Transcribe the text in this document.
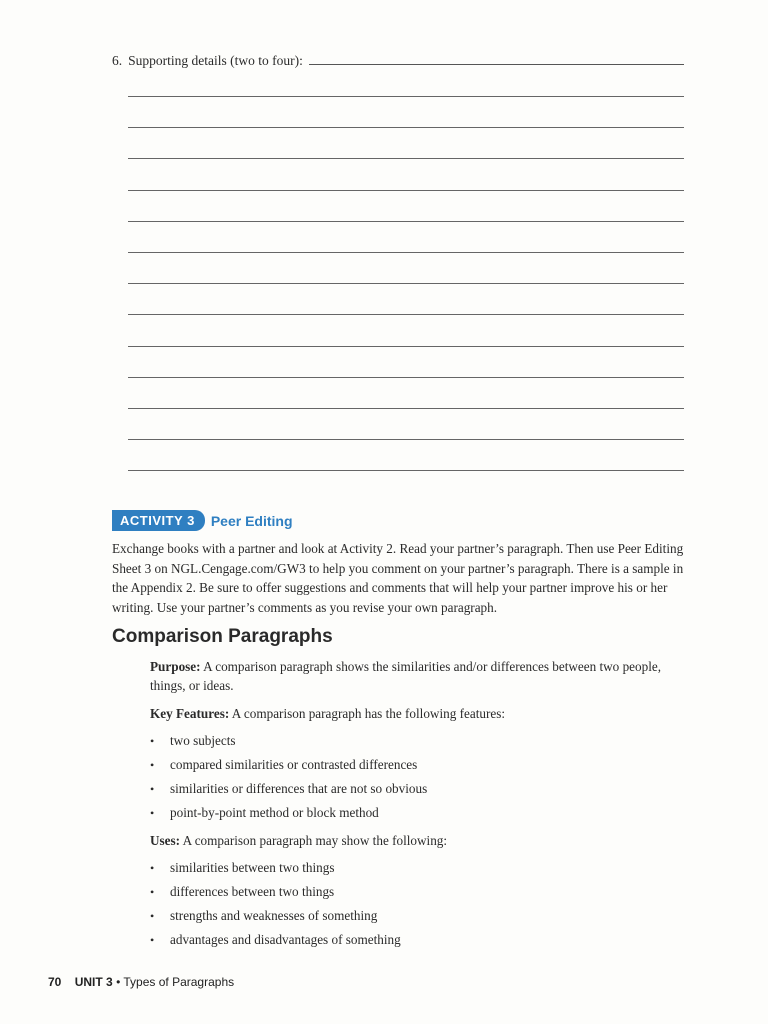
6. Supporting details (two to four):
ACTIVITY 3	Peer Editing
Exchange books with a partner and look at Activity 2. Read your partner’s paragraph. Then use Peer Editing Sheet 3 on NGL.Cengage.com/GW3 to help you comment on your partner’s paragraph. There is a sample in the Appendix 2. Be sure to offer suggestions and comments that will help your partner improve his or her writing. Use your partner’s comments as you revise your own paragraph.
Comparison Paragraphs
Purpose: A comparison paragraph shows the similarities and/or differences between two people, things, or ideas.
Key Features: A comparison paragraph has the following features:
•	two subjects
•	compared similarities or contrasted differences
•	similarities or differences that are not so obvious
•	point-by-point method or block method
Uses: A comparison paragraph may show the following:
•	similarities between two things
•	differences between two things
•	strengths and weaknesses of something
•	advantages and disadvantages of something
70 UNIT 3 • Types of Paragraphs
